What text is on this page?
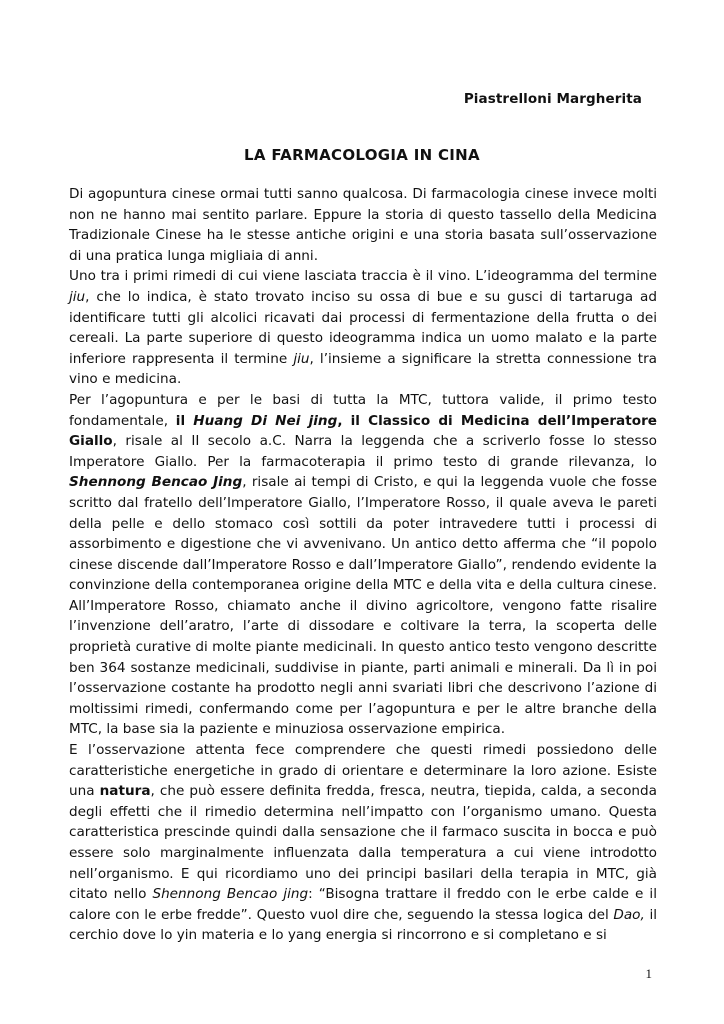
Piastrelloni Margherita
LA FARMACOLOGIA IN CINA

Di agopuntura cinese ormai tutti sanno qualcosa. Di farmacologia cinese invece molti non ne hanno mai sentito parlare. Eppure la storia di questo tassello della Medicina Tradizionale Cinese ha le stesse antiche origini e una storia basata sull’osservazione di una pratica lunga migliaia di anni.

Uno tra i primi rimedi di cui viene lasciata traccia è il vino. L’ideogramma del termine jiu, che lo indica, è stato trovato inciso su ossa di bue e su gusci di tartaruga ad identificare tutti gli alcolici ricavati dai processi di fermentazione della frutta o dei cereali. La parte superiore di questo ideogramma indica un uomo malato e la parte inferiore rappresenta il termine jiu, l’insieme a significare la stretta connessione tra vino e medicina.

Per l’agopuntura e per le basi di tutta la MTC, tuttora valide, il primo testo fondamentale, il Huang Di Nei jing, il Classico di Medicina dell’Imperatore Giallo, risale al II secolo a.C. Narra la leggenda che a scriverlo fosse lo stesso Imperatore Giallo. Per la farmacoterapia il primo testo di grande rilevanza, lo Shennong Bencao Jing, risale ai tempi di Cristo, e qui la leggenda vuole che fosse scritto dal fratello dell’Imperatore Giallo, l’Imperatore Rosso, il quale aveva le pareti della pelle e dello stomaco così sottili da poter intravedere tutti i processi di assorbimento e digestione che vi avvenivano. Un antico detto afferma che “il popolo cinese discende dall’Imperatore Rosso e dall’Imperatore Giallo”, rendendo evidente la convinzione della contemporanea origine della MTC e della vita e della cultura cinese. All’Imperatore Rosso, chiamato anche il divino agricoltore, vengono fatte risalire l’invenzione dell’aratro, l’arte di dissodare e coltivare la terra, la scoperta delle proprietà curative di molte piante medicinali. In questo antico testo vengono descritte ben 364 sostanze medicinali, suddivise in piante, parti animali e minerali. Da lì in poi l’osservazione costante ha prodotto negli anni svariati libri che descrivono l’azione di moltissimi rimedi, confermando come per l’agopuntura e per le altre branche della MTC, la base sia la paziente e minuziosa osservazione empirica.

E l’osservazione attenta fece comprendere che questi rimedi possiedono delle caratteristiche energetiche in grado di orientare e determinare la loro azione. Esiste una natura, che può essere definita fredda, fresca, neutra, tiepida, calda, a seconda degli effetti che il rimedio determina nell’impatto con l’organismo umano. Questa caratteristica prescinde quindi dalla sensazione che il farmaco suscita in bocca e può essere solo marginalmente influenzata dalla temperatura a cui viene introdotto nell’organismo. E qui ricordiamo uno dei principi basilari della terapia in MTC, già citato nello Shennong Bencao jing: “Bisogna trattare il freddo con le erbe calde e il calore con le erbe fredde”. Questo vuol dire che, seguendo la stessa logica del Dao, il cerchio dove lo yin materia e lo yang energia si rincorrono e si completano e si

1
